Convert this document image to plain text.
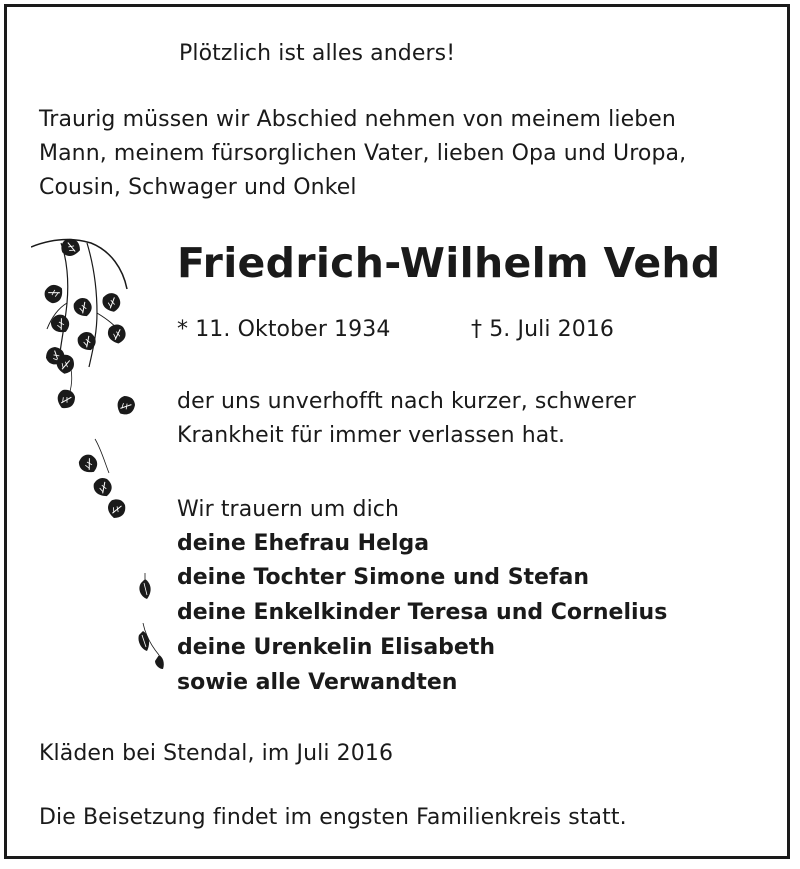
Plötzlich ist alles anders!
Traurig müssen wir Abschied nehmen von meinem lieben
Mann, meinem fürsorglichen Vater, lieben Opa und Uropa,
Cousin, Schwager und Onkel
Friedrich-Wilhelm Vehd
* 11. Oktober 1934	† 5. Juli 2016
der uns unverhofft nach kurzer, schwerer
Krankheit für immer verlassen hat.
Wir trauern um dich
deine Ehefrau Helga
deine Tochter Simone und Stefan
deine Enkelkinder Teresa und Cornelius
deine Urenkelin Elisabeth
sowie alle Verwandten
Kläden bei Stendal, im Juli 2016
Die Beisetzung findet im engsten Familienkreis statt.
